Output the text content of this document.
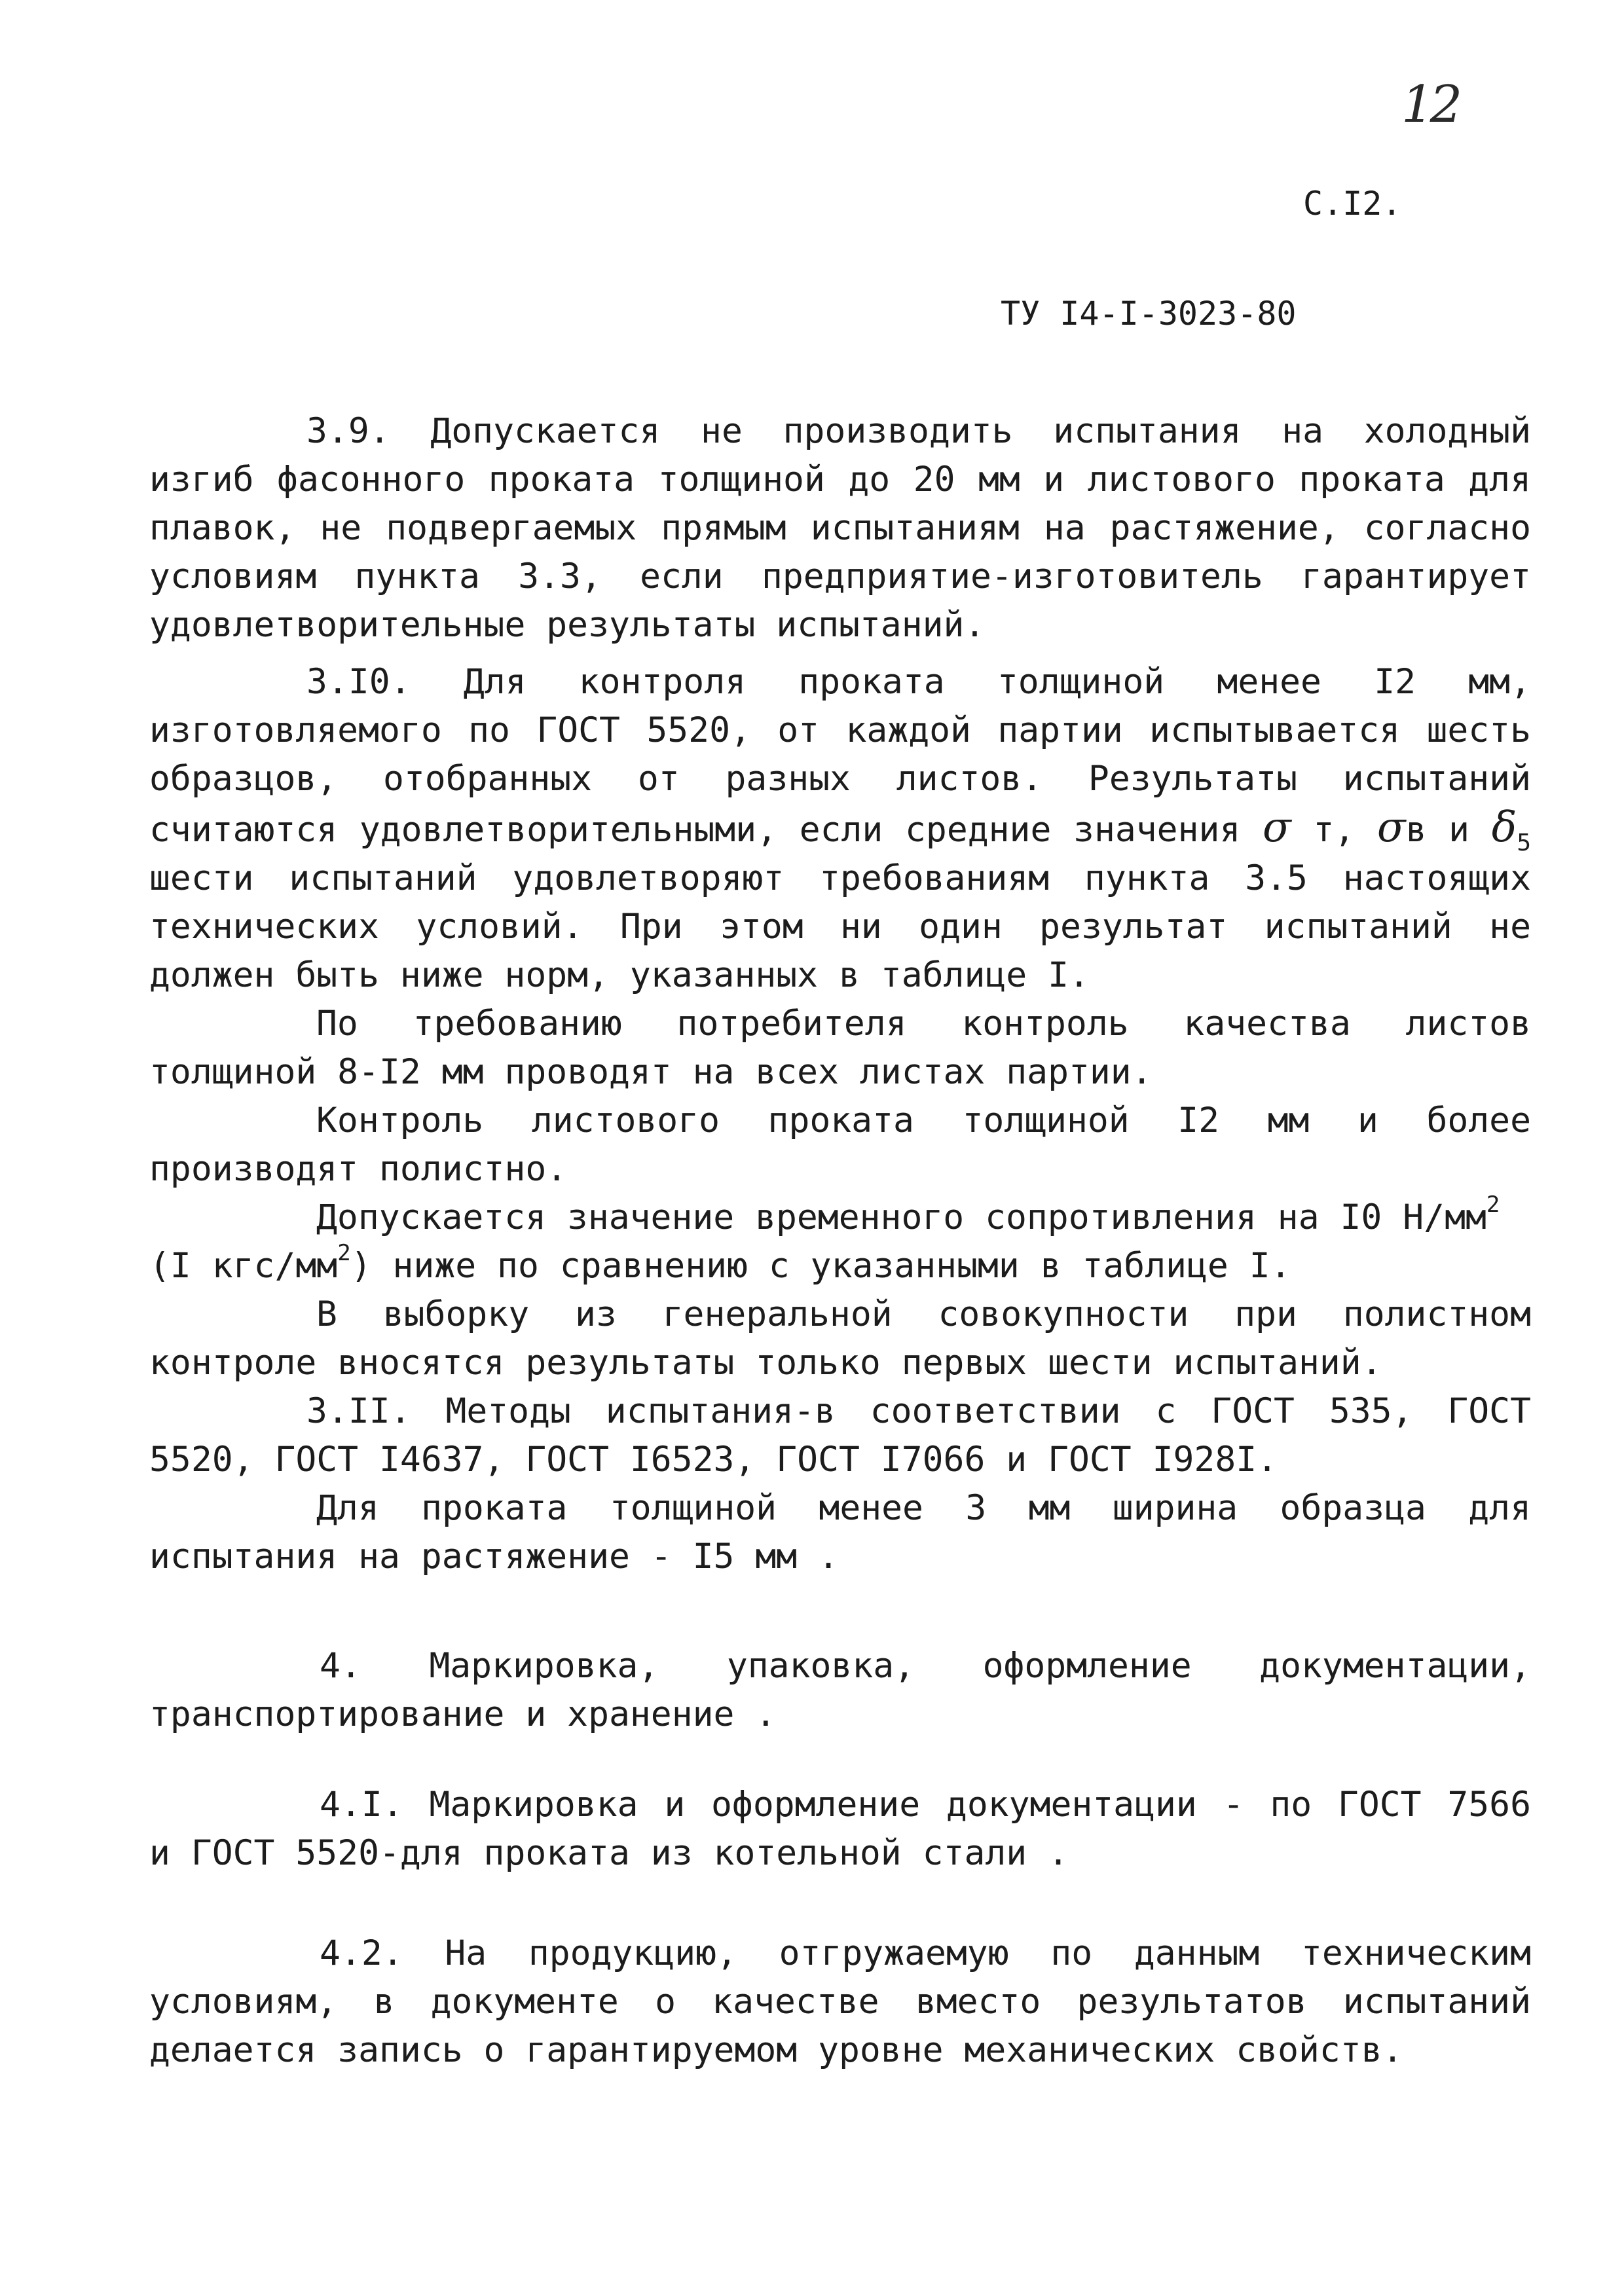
12
С.I2.
ТУ I4-I-3023-80
3.9. Допускается не производить испытания на холодный изгиб фасонного проката толщиной до 20 мм и листового проката для плавок, не подвергаемых прямым испытаниям на растяжение, согласно условиям пункта 3.3, если предприятие-изготовитель гарантирует удовлетворительные результаты испытаний.
3.I0. Для контроля проката толщиной менее I2 мм, изготовляемого по ГОСТ 5520, от каждой партии испытывается шесть образцов, отобранных от разных листов. Результаты испытаний считаются удовлетворительными, если средние значения σ т, σв и $\delta_5$ шести испытаний удовлетворяют требованиям пункта 3.5 настоящих технических условий. При этом ни один результат испытаний не должен быть ниже норм, указанных в таблице I.
По требованию потребителя контроль качества листов толщиной 8-I2 мм проводят на всех листах партии.
Контроль листового проката толщиной I2 мм и более производят полистно.
Допускается значение временного сопротивления на I0 $Н/мм^2$
(I кгс/$мм^2$) ниже по сравнению с указанными в таблице I.
В выборку из генеральной совокупности при полистном контроле вносятся результаты только первых шести испытаний.
3.II. Методы испытания-в соответствии с ГОСТ 535, ГОСТ 5520, ГОСТ I4637, ГОСТ I6523, ГОСТ I7066 и ГОСТ I928I.
Для проката толщиной менее 3 мм ширина образца для испытания на растяжение - I5 мм .
4. Маркировка, упаковка, оформление документации, транспортирование и хранение .
4.I. Маркировка и оформление документации - по ГОСТ 7566 и ГОСТ 5520-для проката из котельной стали .
4.2. На продукцию, отгружаемую по данным техническим условиям, в документе о качестве вместо результатов испытаний делается запись о гарантируемом уровне механических свойств.
